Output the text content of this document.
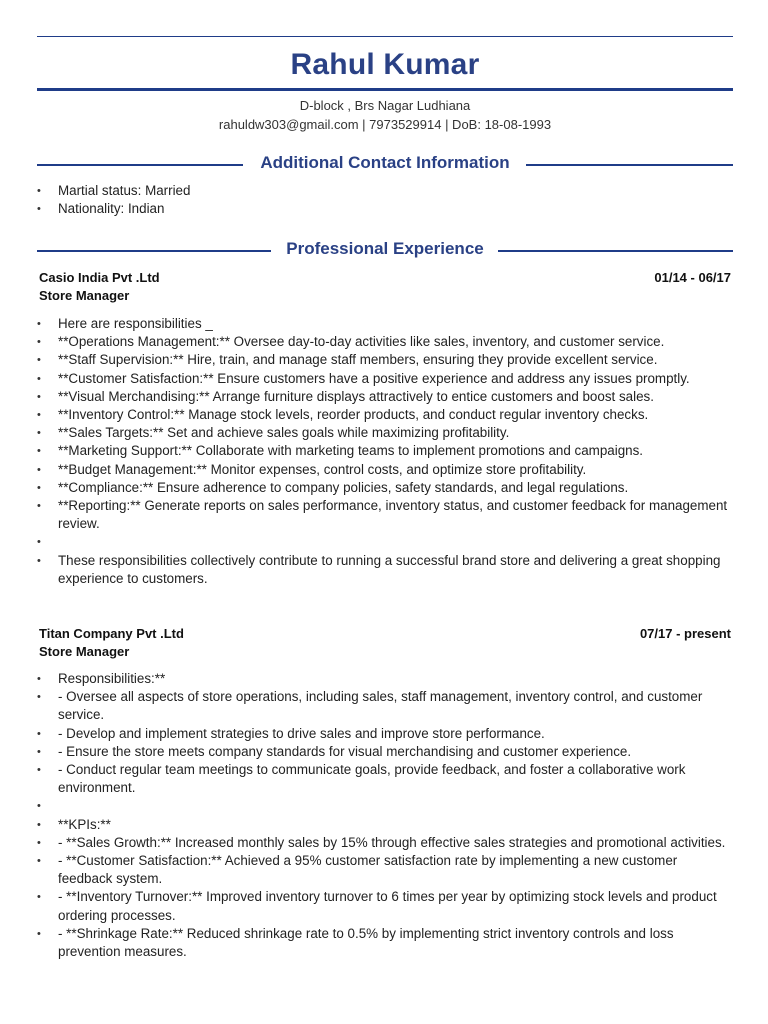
Rahul Kumar
D-block , Brs Nagar Ludhiana
rahuldw303@gmail.com | 7973529914 | DoB: 18-08-1993
Additional Contact Information
• Martial status: Married
• Nationality: Indian
Professional Experience
Casio India Pvt .Ltd	01/14 - 06/17
Store Manager
• Here are responsibilities _
• **Operations Management:** Oversee day-to-day activities like sales, inventory, and customer service.
• **Staff Supervision:** Hire, train, and manage staff members, ensuring they provide excellent service.
• **Customer Satisfaction:** Ensure customers have a positive experience and address any issues promptly.
• **Visual Merchandising:** Arrange furniture displays attractively to entice customers and boost sales.
• **Inventory Control:** Manage stock levels, reorder products, and conduct regular inventory checks.
• **Sales Targets:** Set and achieve sales goals while maximizing profitability.
• **Marketing Support:** Collaborate with marketing teams to implement promotions and campaigns.
• **Budget Management:** Monitor expenses, control costs, and optimize store profitability.
• **Compliance:** Ensure adherence to company policies, safety standards, and legal regulations.
• **Reporting:** Generate reports on sales performance, inventory status, and customer feedback for management review.
•
• These responsibilities collectively contribute to running a successful brand store and delivering a great shopping experience to customers.
Titan Company Pvt .Ltd	07/17 - present
Store Manager
• Responsibilities:**
• - Oversee all aspects of store operations, including sales, staff management, inventory control, and customer service.
• - Develop and implement strategies to drive sales and improve store performance.
• - Ensure the store meets company standards for visual merchandising and customer experience.
• - Conduct regular team meetings to communicate goals, provide feedback, and foster a collaborative work environment.
•
• **KPIs:**
• - **Sales Growth:** Increased monthly sales by 15% through effective sales strategies and promotional activities.
• - **Customer Satisfaction:** Achieved a 95% customer satisfaction rate by implementing a new customer feedback system.
• - **Inventory Turnover:** Improved inventory turnover to 6 times per year by optimizing stock levels and product ordering processes.
• - **Shrinkage Rate:** Reduced shrinkage rate to 0.5% by implementing strict inventory controls and loss prevention measures.
